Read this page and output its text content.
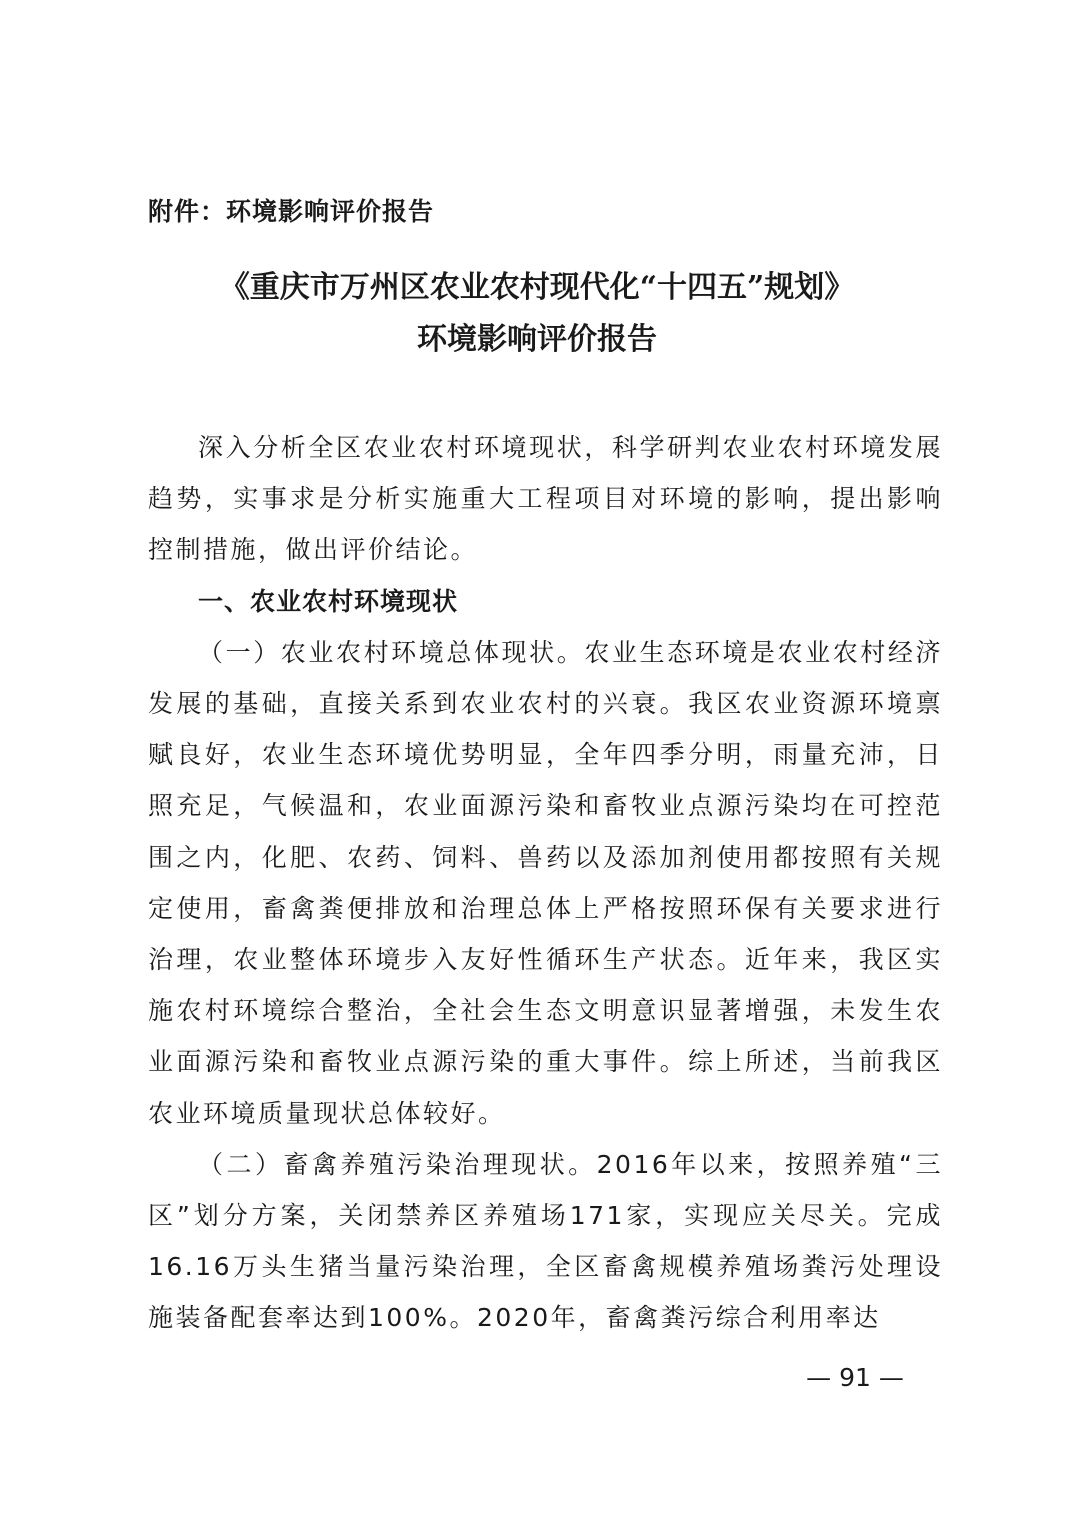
附件：环境影响评价报告
《重庆市万州区农业农村现代化“十四五”规划》
环境影响评价报告

深入分析全区农业农村环境现状，科学研判农业农村环境发展趋势，实事求是分析实施重大工程项目对环境的影响，提出影响控制措施，做出评价结论。

一、农业农村环境现状

（一）农业农村环境总体现状。农业生态环境是农业农村经济发展的基础，直接关系到农业农村的兴衰。我区农业资源环境禀赋良好，农业生态环境优势明显，全年四季分明，雨量充沛，日照充足，气候温和，农业面源污染和畜牧业点源污染均在可控范围之内，化肥、农药、饲料、兽药以及添加剂使用都按照有关规定使用，畜禽粪便排放和治理总体上严格按照环保有关要求进行治理，农业整体环境步入友好性循环生产状态。近年来，我区实施农村环境综合整治，全社会生态文明意识显著增强，未发生农业面源污染和畜牧业点源污染的重大事件。综上所述，当前我区农业环境质量现状总体较好。

（二）畜禽养殖污染治理现状。2016年以来，按照养殖“三区”划分方案，关闭禁养区养殖场171家，实现应关尽关。完成16.16万头生猪当量污染治理，全区畜禽规模养殖场粪污处理设施装备配套率达到100%。2020年，畜禽粪污综合利用率达

— 91 —
